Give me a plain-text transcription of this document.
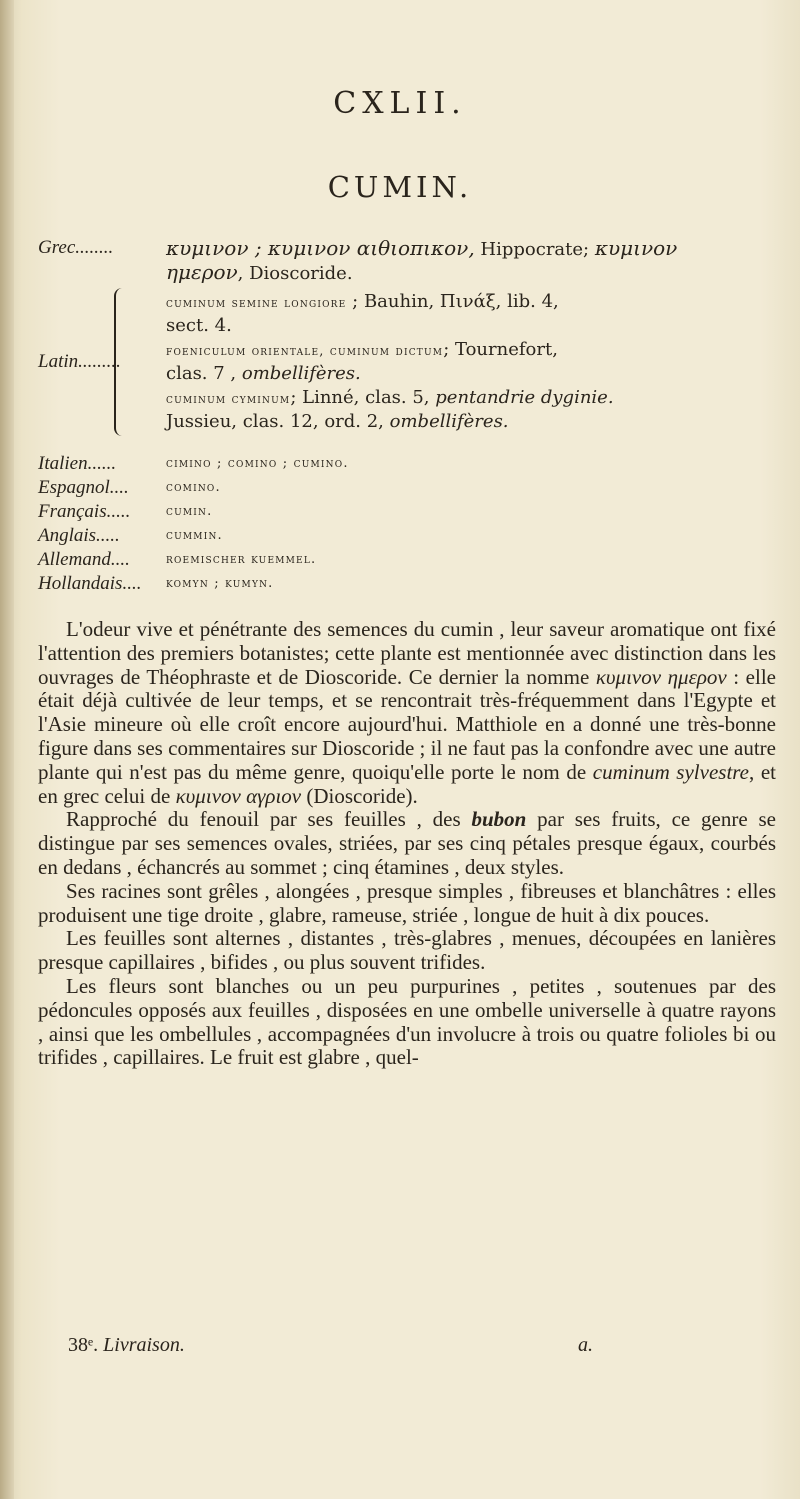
CXLII.
CUMIN.
Grec........	κυμινον ; κυμινον αιθιοπικον, Hippocrate; κυμινον
ημερον, Dioscoride.
Latin.........
cuminum semine longiore ; Bauhin, Πινάξ, lib. 4,
sect. 4.
foeniculum orientale, cuminum dictum; Tournefort,
clas. 7 , ombellifères.
cuminum cyminum; Linné, clas. 5, pentandrie dyginie.
Jussieu, clas. 12, ord. 2, ombellifères.
Italien......	cimino ; comino ; cumino.
Espagnol....	comino.
Français.....	cumin.
Anglais.....	cummin.
Allemand....	roemischer kuemmel.
Hollandais.... komyn ; kumyn.

L'odeur vive et pénétrante des semences du cumin , leur saveur aromatique ont fixé l'attention des premiers botanistes; cette plante est mentionnée avec distinction dans les ouvrages de Théophraste et de Dioscoride. Ce dernier la nomme κυμινον ημερον : elle était déjà cultivée de leur temps, et se rencontrait très-fréquemment dans l'Egypte et l'Asie mineure où elle croît encore aujourd'hui. Matthiole en a donné une très-bonne figure dans ses commentaires sur Dioscoride ; il ne faut pas la confondre avec une autre plante qui n'est pas du même genre, quoiqu'elle porte le nom de cuminum sylvestre, et en grec celui de κυμινον αγριον (Dioscoride).

Rapproché du fenouil par ses feuilles , des bubon par ses fruits, ce genre se distingue par ses semences ovales, striées, par ses cinq pétales presque égaux, courbés en dedans , échancrés au sommet ; cinq étamines , deux styles.

Ses racines sont grêles , alongées , presque simples , fibreuses et blanchâtres : elles produisent une tige droite , glabre, rameuse, striée , longue de huit à dix pouces.

Les feuilles sont alternes , distantes , très-glabres , menues, découpées en lanières presque capillaires , bifides , ou plus souvent trifides.

Les fleurs sont blanches ou un peu purpurines , petites , soutenues par des pédoncules opposés aux feuilles , disposées en une ombelle universelle à quatre rayons , ainsi que les ombellules , accompagnées d'un involucre à trois ou quatre folioles bi ou trifides , capillaires. Le fruit est glabre , quel-

38ᵉ. Livraison.	a.
